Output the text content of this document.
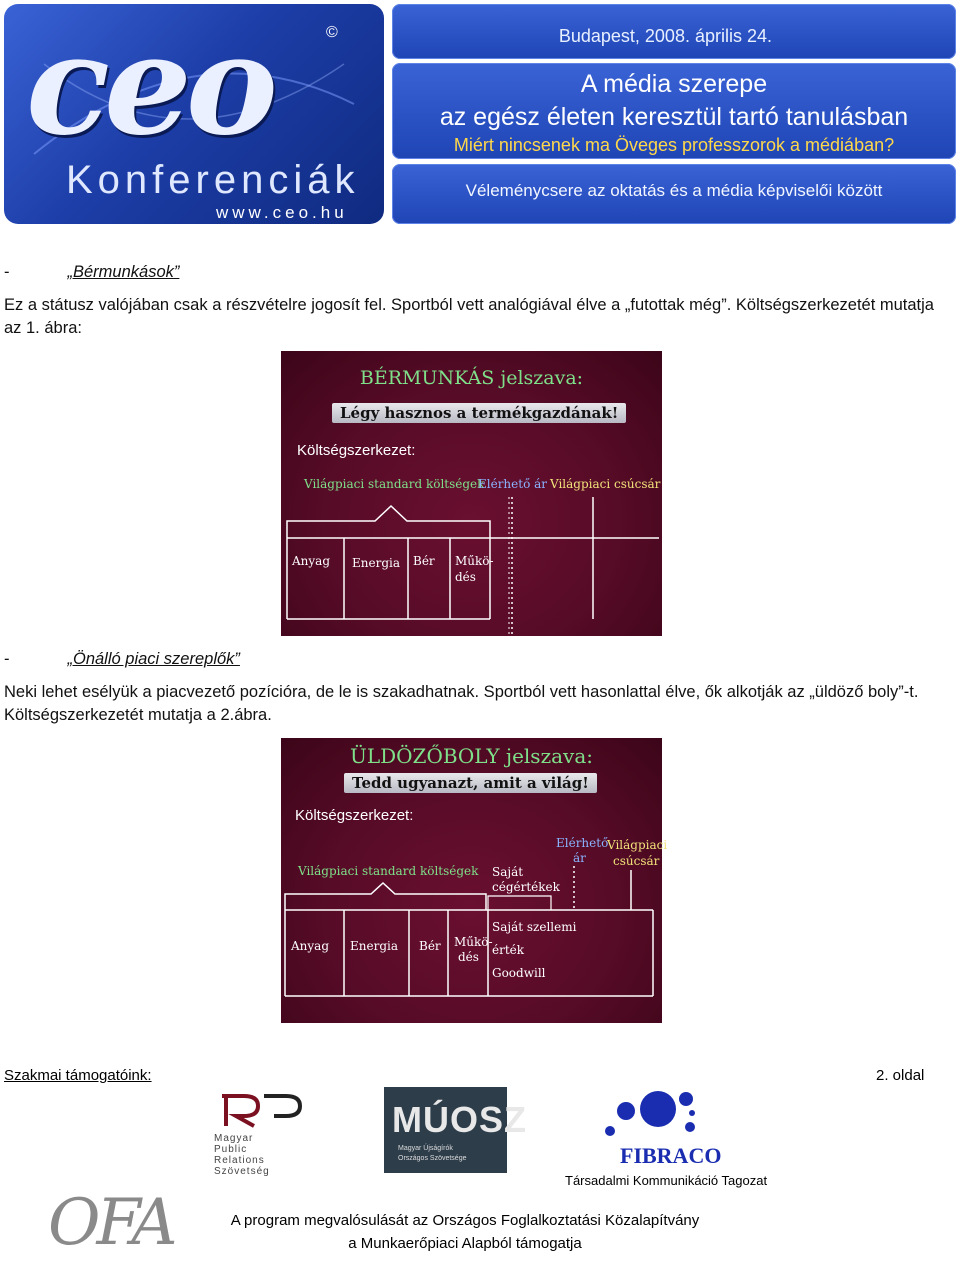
ceo	©
Konferenciák
www.ceo.hu
Budapest, 2008. április 24.
A média szerepe
az egész életen keresztül tartó tanulásban
Miért nincsenek ma Öveges professzorok a médiában?
Véleménycsere az oktatás és a média képviselői között
-	„Bérmunkások”
Ez a státusz valójában csak a részvételre jogosít fel. Sportból vett analógiával élve a „futottak még”. Költségszerkezetét mutatja az 1. ábra:
BÉRMUNKÁS jelszava:
Légy hasznos a termékgazdának!
Költségszerkezet:
Világpiaci standard költségek
Elérhető ár Világpiaci csúcsár
Anyag Energia Bér Műkö-
dés
-	„Önálló piaci szereplők”
Neki lehet esélyük a piacvezető pozícióra, de le is szakadhatnak. Sportból vett hasonlattal élve, ők alkotják az „üldöző boly”-t. Költségszerkezetét mutatja a 2.ábra.
ÜLDÖZŐBOLY jelszava:
Tedd ugyanazt, amit a világ!
Költségszerkezet:
Világpiaci standard költségek Saját
cégértékek
Elérhető
ár
Világpiaci
csúcsár
Anyag Energia Bér Műkö-
dés
Saját szellemi
érték
Goodwill
Szakmai támogatóink:	2. oldal
Magyar
Public
Relations
Szövetség
MÚOSZ
Magyar Újságírók
Országos Szövetsége	FIBRACO
Társadalmi Kommunikáció Tagozat
OFA	A program megvalósulását az Országos Foglalkoztatási Közalapítvány
a Munkaerőpiaci Alapból támogatja
